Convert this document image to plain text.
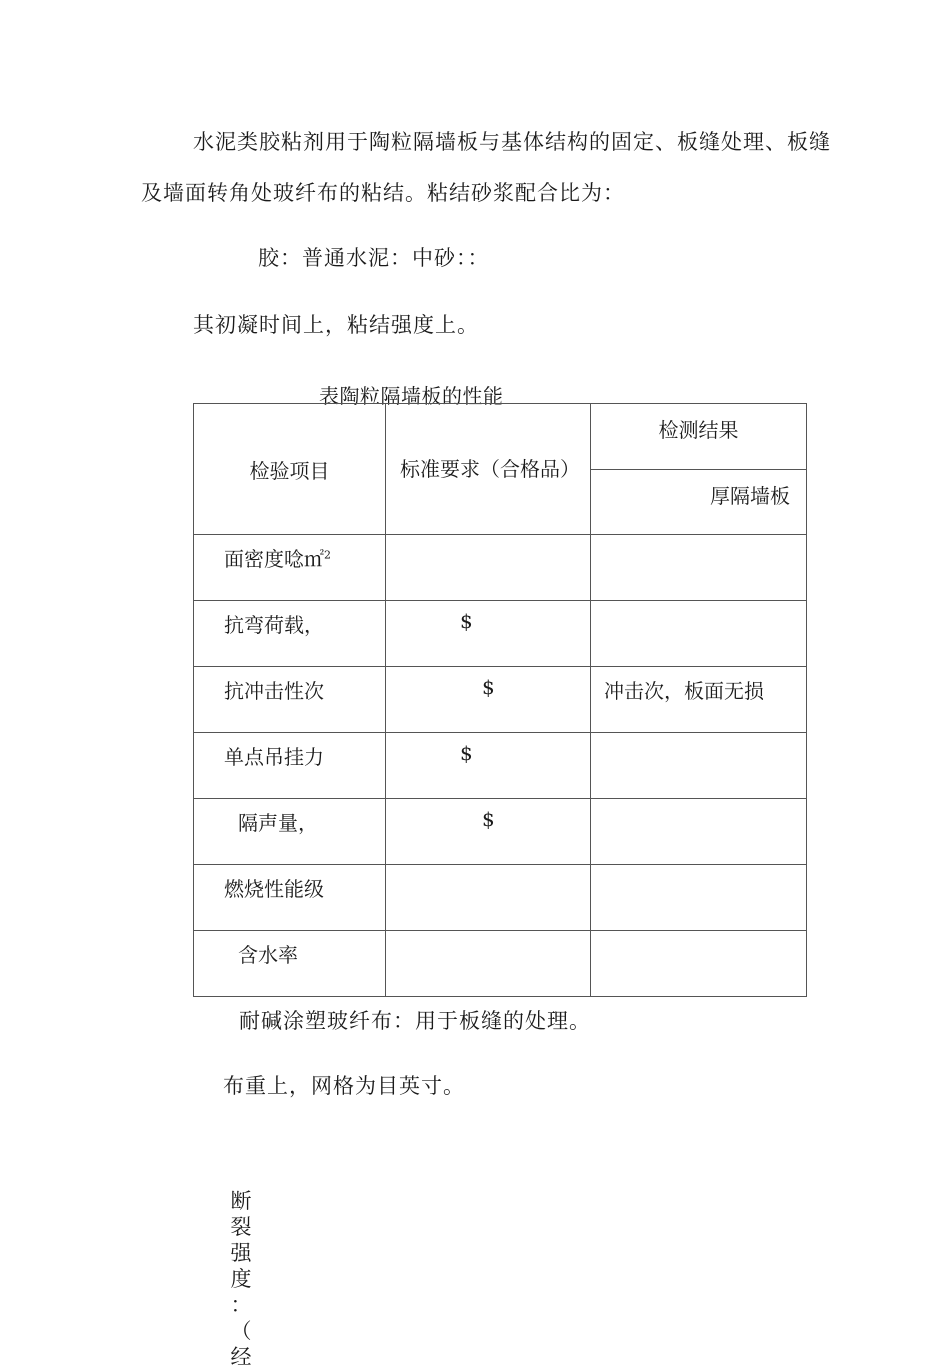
水泥类胶粘剂用于陶粒隔墙板与基体结构的固定、板缝处理、板缝
及墙面转角处玻纤布的粘结。粘结砂浆配合比为：
胶：普通水泥：中砂：：
其初凝时间上，粘结强度上。
表陶粒隔墙板的性能
检验项目	标准要求（合格品）	检测结果

		厚隔墙板

面密度唸㎡$^2$

抗弯荷载，	$	

抗冲击性次	$	冲击次，板面无损

单点吊挂力	$	

隔声量，	$	

燃烧性能级		

含水率		

耐碱涂塑玻纤布：用于板缝的处理。
布重上，网格为目英寸。
断
裂
强
度
：
（
经
